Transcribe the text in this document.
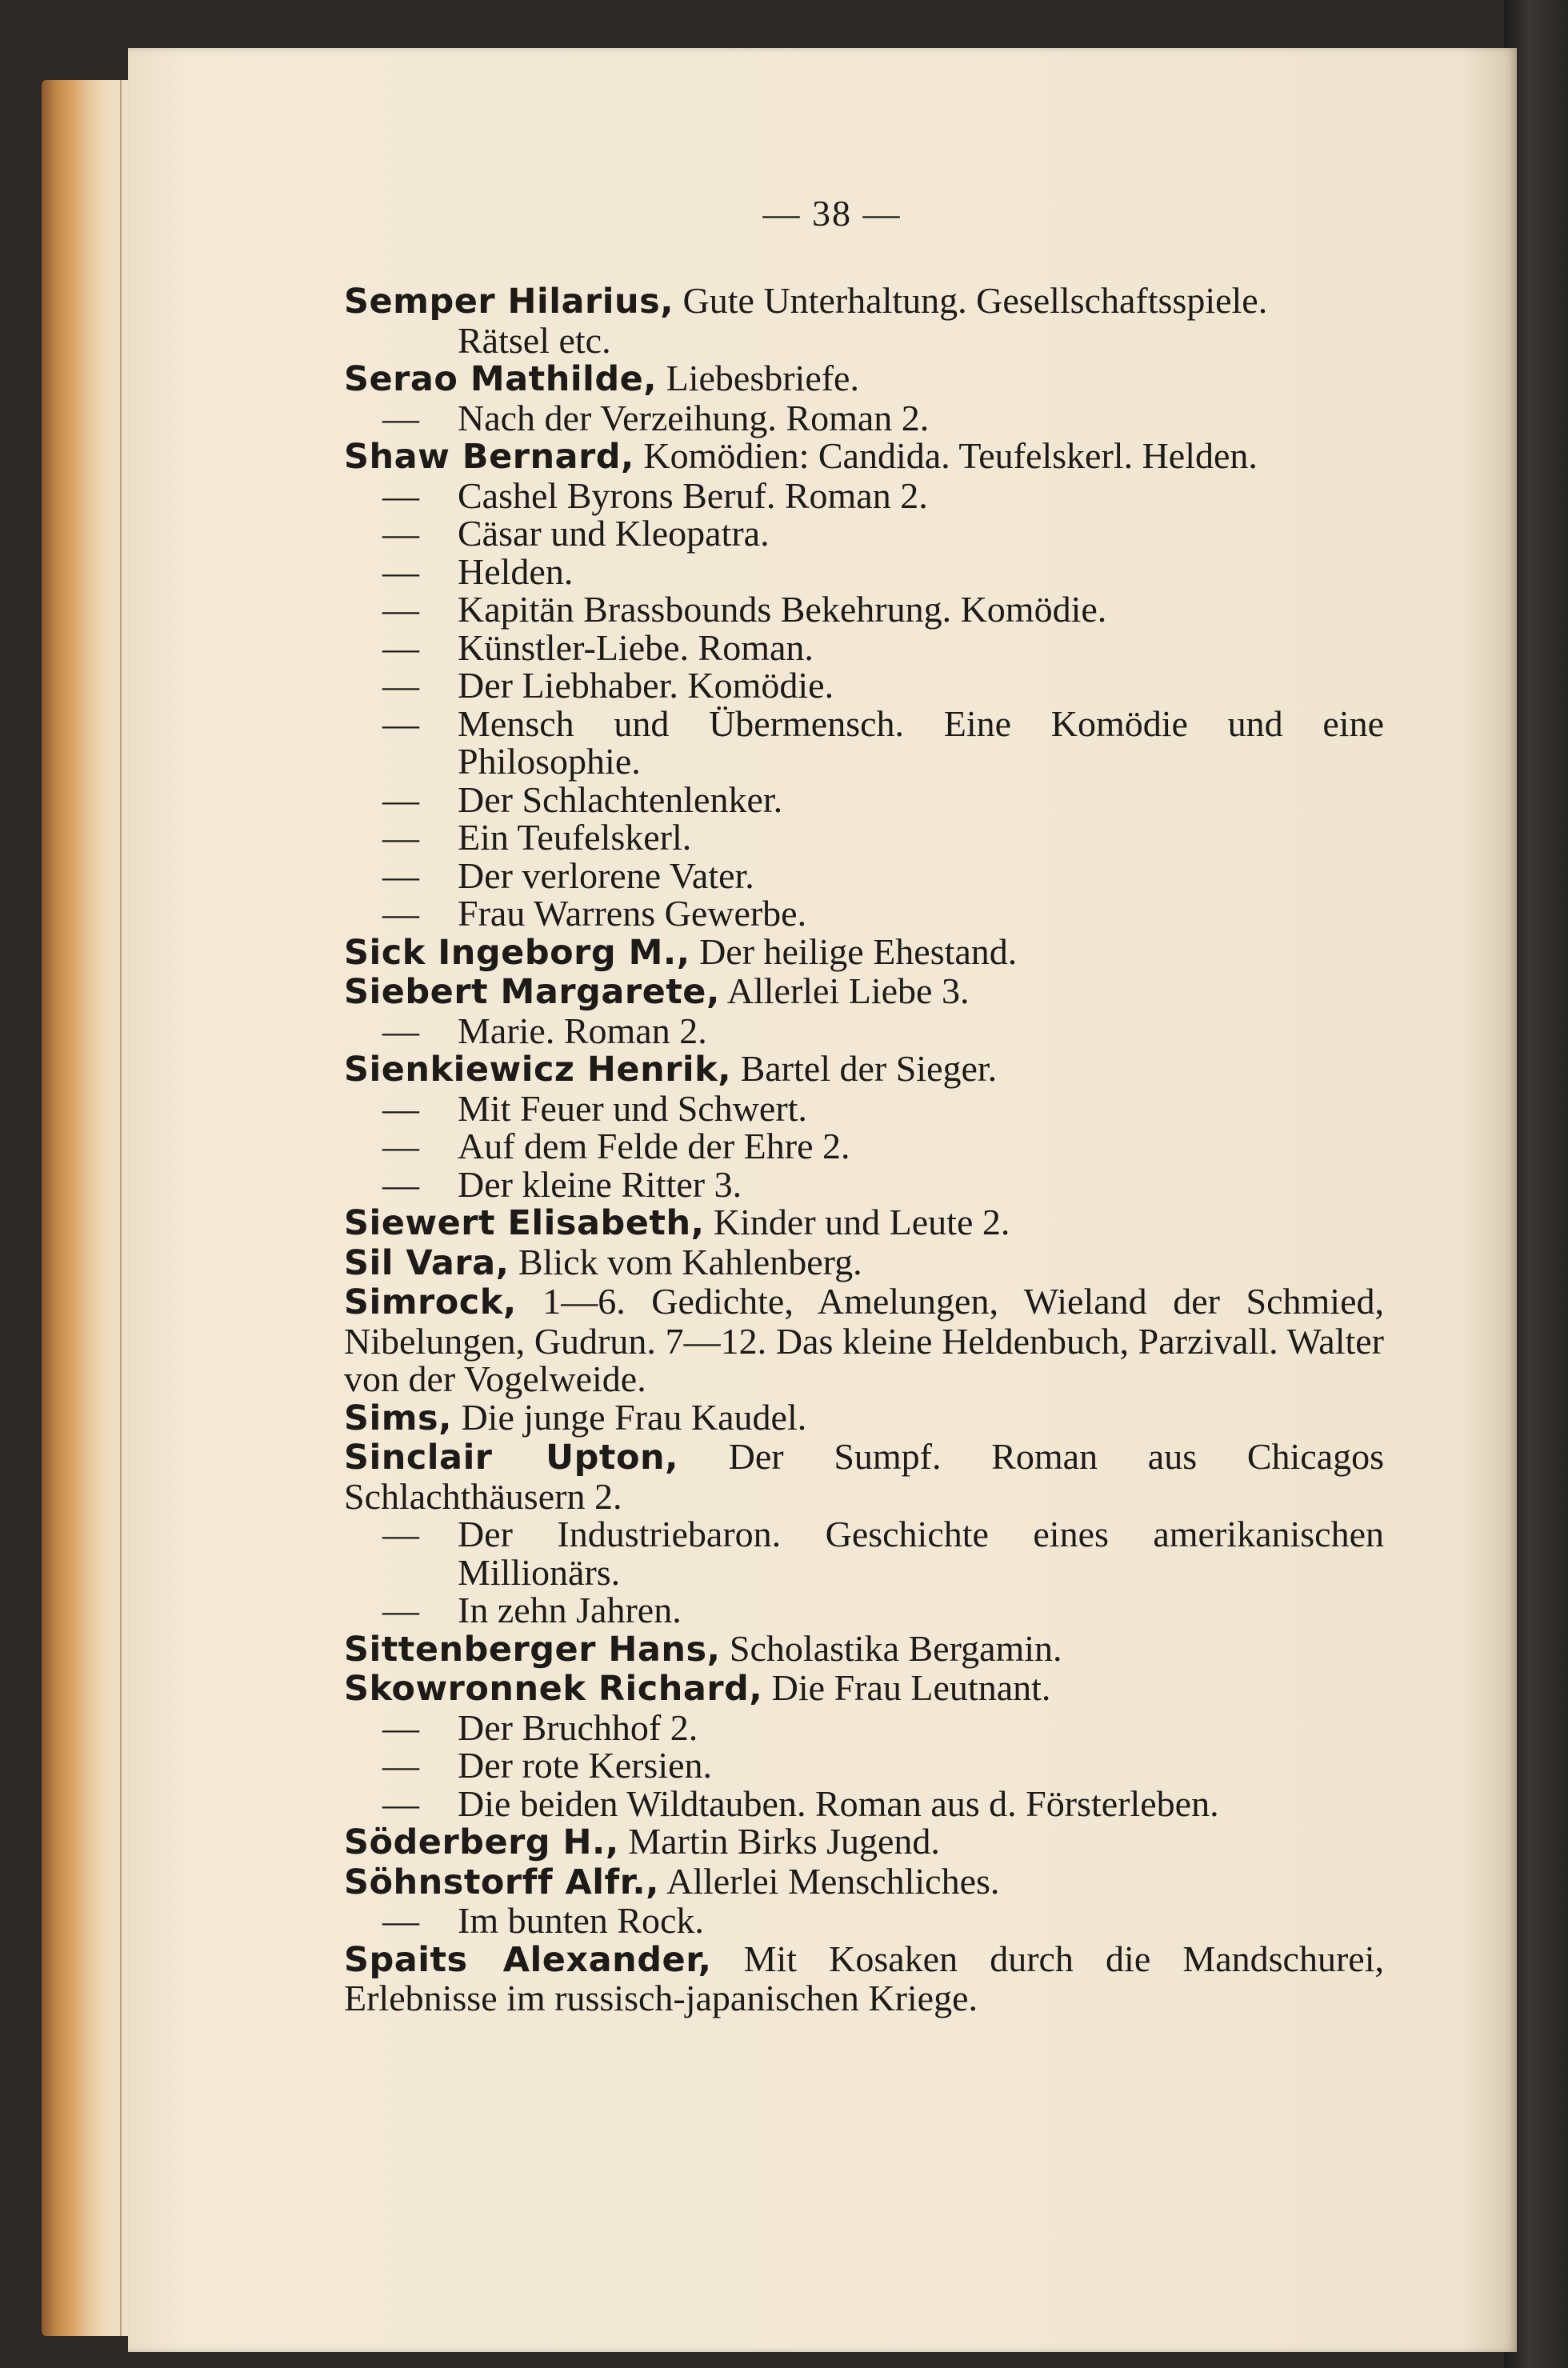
— 38 —

Semper Hilarius, Gute Unterhaltung. Gesellschaftsspiele.

Rätsel etc.

Serao Mathilde, Liebesbriefe.

— Nach der Verzeihung. Roman 2.

Shaw Bernard, Komödien: Candida. Teufelskerl. Helden.

— Cashel Byrons Beruf. Roman 2.
— Cäsar und Kleopatra.
— Helden.
— Kapitän Brassbounds Bekehrung. Komödie.
— Künstler-Liebe. Roman.
— Der Liebhaber. Komödie.
— Mensch und Übermensch. Eine Komödie und eine Philosophie.
— Der Schlachtenlenker.
— Ein Teufelskerl.
— Der verlorene Vater.
— Frau Warrens Gewerbe.

Sick Ingeborg M., Der heilige Ehestand.

Siebert Margarete, Allerlei Liebe 3.

— Marie. Roman 2.

Sienkiewicz Henrik, Bartel der Sieger.

— Mit Feuer und Schwert.
— Auf dem Felde der Ehre 2.
— Der kleine Ritter 3.

Siewert Elisabeth, Kinder und Leute 2.

Sil Vara, Blick vom Kahlenberg.

Simrock, 1—6. Gedichte, Amelungen, Wieland der Schmied, Nibelungen, Gudrun. 7—12. Das kleine Heldenbuch, Parzivall. Walter von der Vogelweide.

Sims, Die junge Frau Kaudel.

Sinclair Upton, Der Sumpf. Roman aus Chicagos Schlachthäusern 2.

— Der Industriebaron. Geschichte eines amerikanischen Millionärs.
— In zehn Jahren.

Sittenberger Hans, Scholastika Bergamin.

Skowronnek Richard, Die Frau Leutnant.

— Der Bruchhof 2.
— Der rote Kersien.
— Die beiden Wildtauben. Roman aus d. Försterleben.

Söderberg H., Martin Birks Jugend.

Söhnstorff Alfr., Allerlei Menschliches.

— Im bunten Rock.

Spaits Alexander, Mit Kosaken durch die Mandschurei, Erlebnisse im russisch-japanischen Kriege.
